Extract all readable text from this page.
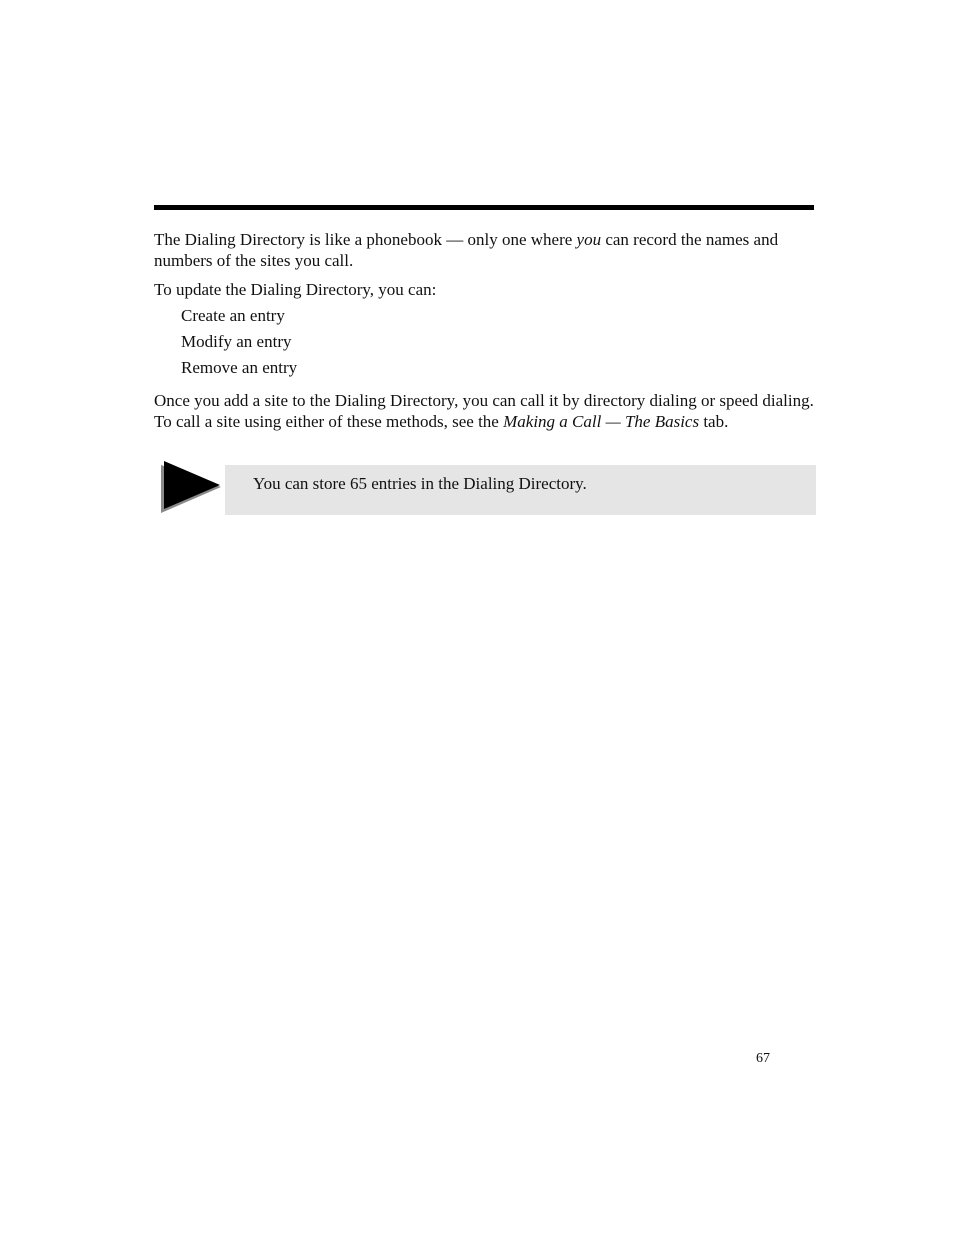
The Dialing Directory is like a phonebook — only one where you can record the names and numbers of the sites you call.

To update the Dialing Directory, you can:

Create an entry
Modify an entry
Remove an entry

Once you add a site to the Dialing Directory, you can call it by directory dialing or speed dialing. To call a site using either of these methods, see the Making a Call — The Basics tab.

You can store 65 entries in the Dialing Directory.
67
